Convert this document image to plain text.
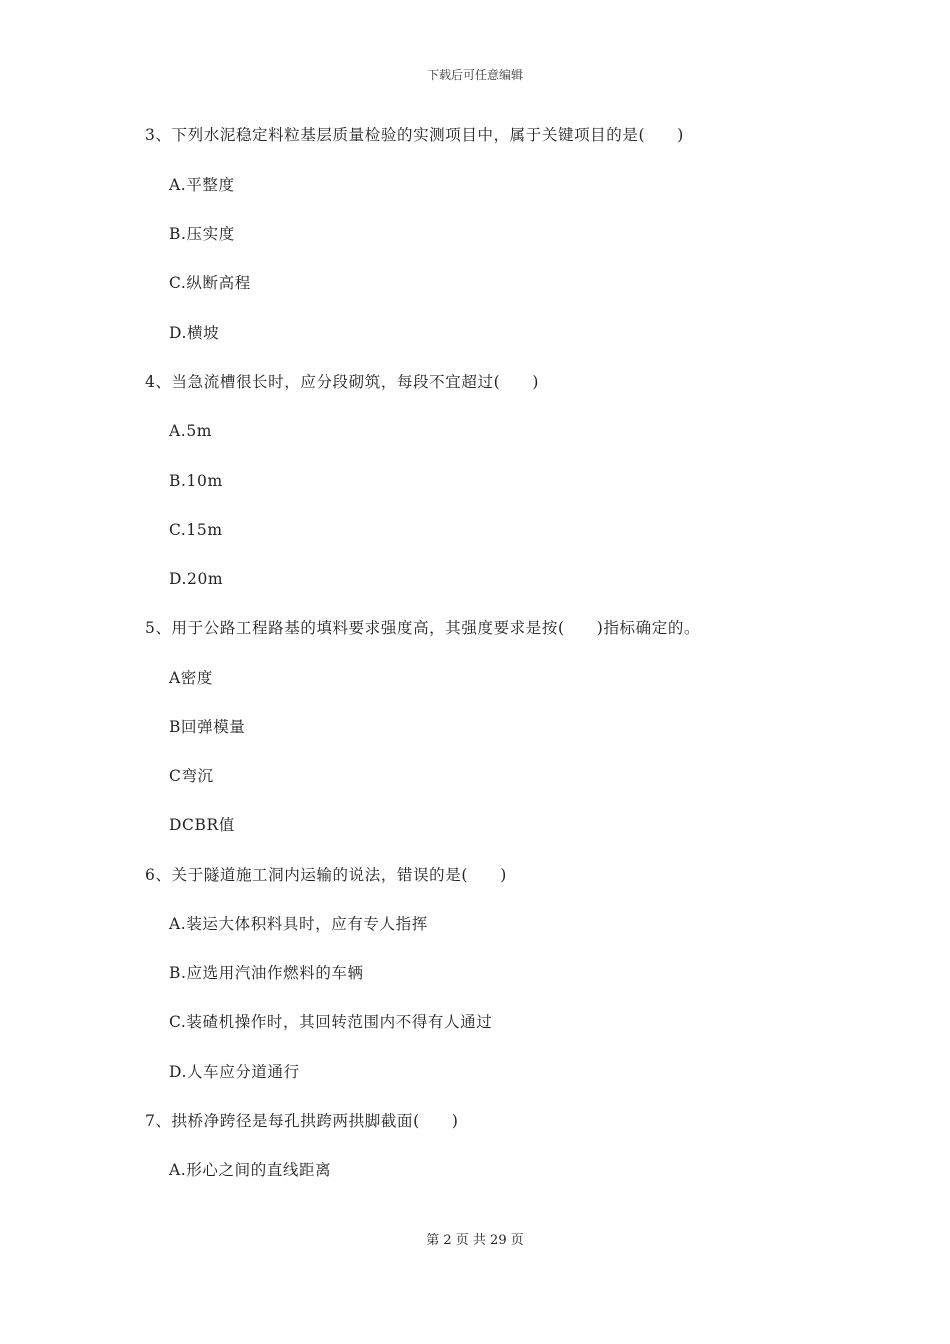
下载后可任意编辑
3、下列水泥稳定料粒基层质量检验的实测项目中，属于关键项目的是(　　)
A.平整度
B.压实度
C.纵断高程
D.横坡
4、当急流槽很长时，应分段砌筑，每段不宜超过(　　)
A.5m
B.10m
C.15m
D.20m
5、用于公路工程路基的填料要求强度高，其强度要求是按(　　)指标确定的。
A密度
B回弹模量
C弯沉
DCBR值
6、关于隧道施工洞内运输的说法，错误的是(　　)
A.装运大体积料具时，应有专人指挥
B.应选用汽油作燃料的车辆
C.装碴机操作时，其回转范围内不得有人通过
D.人车应分道通行
7、拱桥净跨径是每孔拱跨两拱脚截面(　　)
A.形心之间的直线距离
第 2 页 共 29 页
